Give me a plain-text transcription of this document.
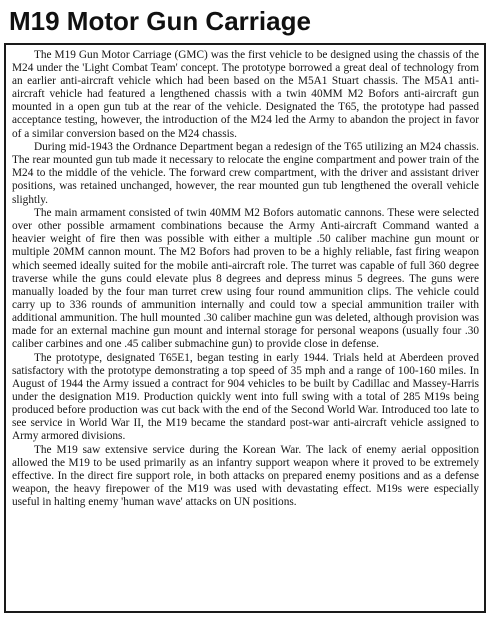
M19 Motor Gun Carriage

The M19 Gun Motor Carriage (GMC) was the first vehicle to be designed using the chassis of the M24 under the 'Light Combat Team' concept. The prototype borrowed a great deal of technology from an earlier anti-aircraft vehicle which had been based on the M5A1 Stuart chassis. The M5A1 anti-aircraft vehicle had featured a lengthened chassis with a twin 40MM M2 Bofors anti-aircraft gun mounted in a open gun tub at the rear of the vehicle. Designated the T65, the prototype had passed acceptance testing, however, the introduction of the M24 led the Army to abandon the project in favor of a similar conversion based on the M24 chassis.

During mid-1943 the Ordnance Department began a redesign of the T65 utilizing an M24 chassis. The rear mounted gun tub made it necessary to relocate the engine compartment and power train of the M24 to the middle of the vehicle. The forward crew compartment, with the driver and assistant driver positions, was retained unchanged, however, the rear mounted gun tub lengthened the overall vehicle slightly.

The main armament consisted of twin 40MM M2 Bofors automatic cannons. These were selected over other possible armament combinations because the Army Anti-aircraft Command wanted a heavier weight of fire then was possible with either a multiple .50 caliber machine gun mount or multiple 20MM cannon mount. The M2 Bofors had proven to be a highly reliable, fast firing weapon which seemed ideally suited for the mobile anti-aircraft role. The turret was capable of full 360 degree traverse while the guns could elevate plus 8 degrees and depress minus 5 degrees. The guns were manually loaded by the four man turret crew using four round ammunition clips. The vehicle could carry up to 336 rounds of ammunition internally and could tow a special ammunition trailer with additional ammunition. The hull mounted .30 caliber machine gun was deleted, although provision was made for an external machine gun mount and internal storage for personal weapons (usually four .30 caliber carbines and one .45 caliber submachine gun) to provide close in defense.

The prototype, designated T65E1, began testing in early 1944. Trials held at Aberdeen proved satisfactory with the prototype demonstrating a top speed of 35 mph and a range of 100-160 miles. In August of 1944 the Army issued a contract for 904 vehicles to be built by Cadillac and Massey-Harris under the designation M19. Production quickly went into full swing with a total of 285 M19s being produced before production was cut back with the end of the Second World War. Introduced too late to see service in World War II, the M19 became the standard post-war anti-aircraft vehicle assigned to Army armored divisions.

The M19 saw extensive service during the Korean War. The lack of enemy aerial opposition allowed the M19 to be used primarily as an infantry support weapon where it proved to be extremely effective. In the direct fire support role, in both attacks on prepared enemy positions and as a defense weapon, the heavy firepower of the M19 was used with devastating effect. M19s were especially useful in halting enemy 'human wave' attacks on UN positions.
